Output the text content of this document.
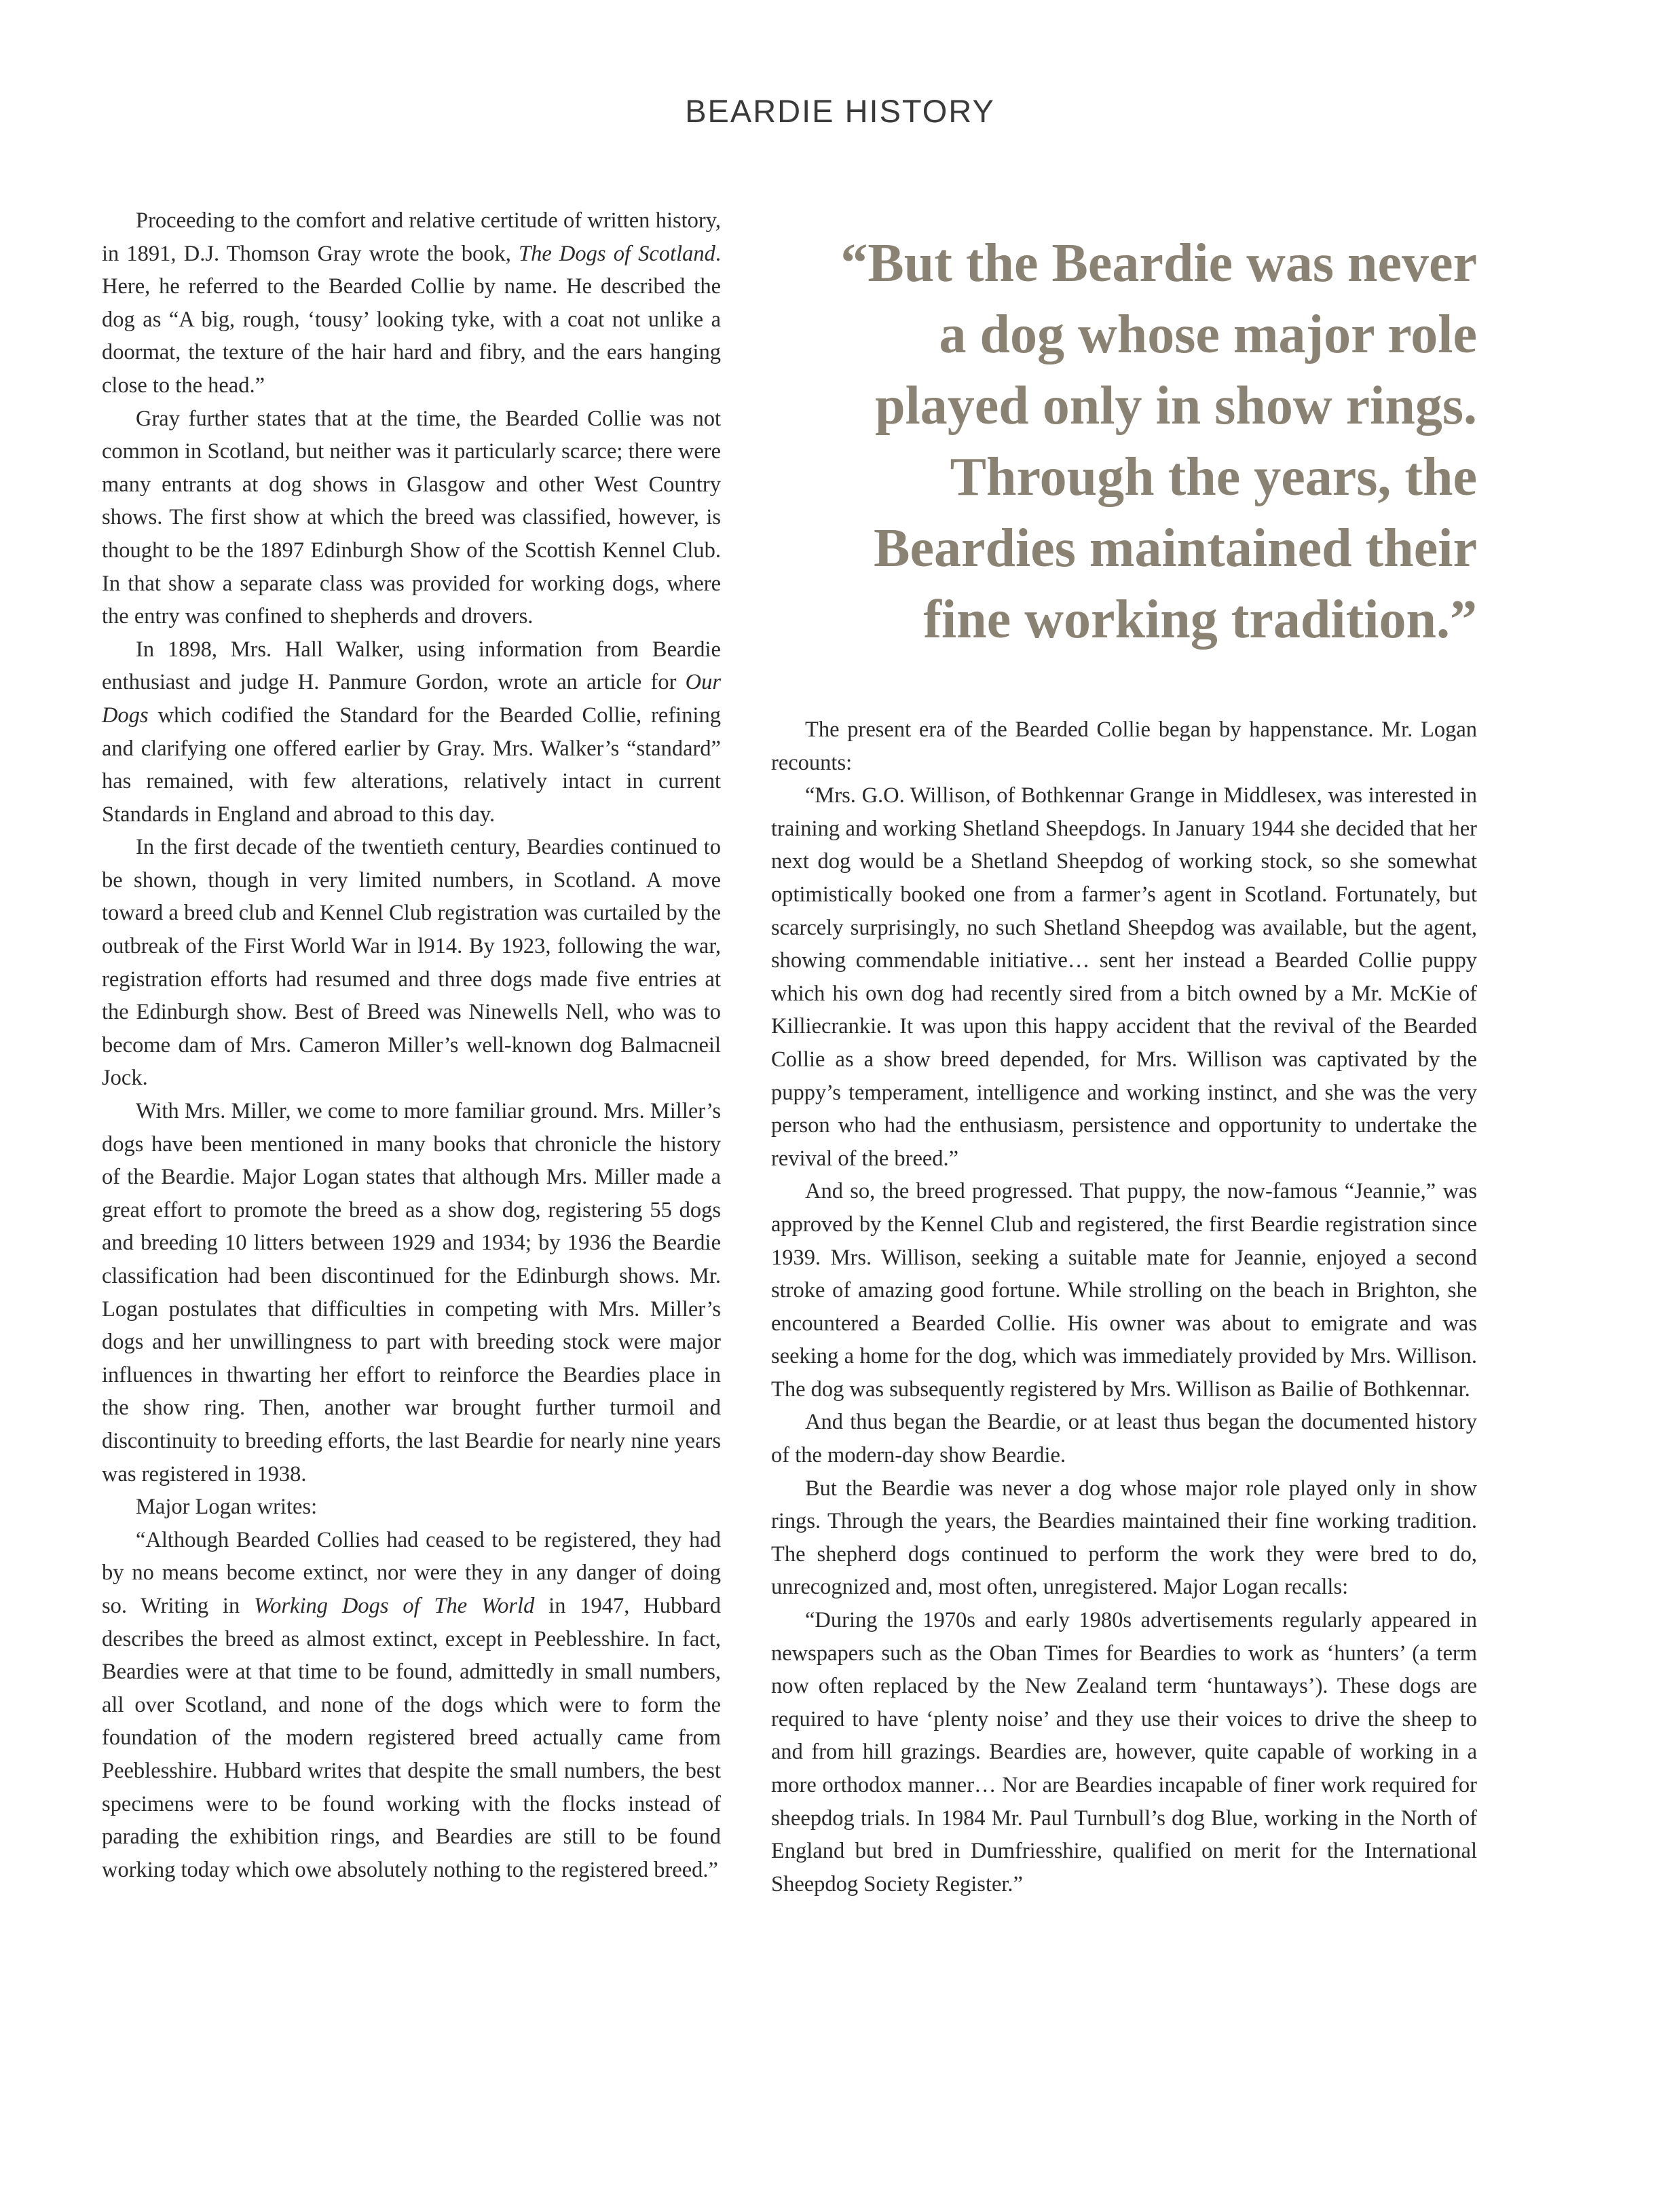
BEARDIE HISTORY

Proceeding to the comfort and relative certitude of written history, in 1891, D.J. Thomson Gray wrote the book, The Dogs of Scotland. Here, he referred to the Bearded Collie by name. He described the dog as “A big, rough, ‘tousy’ looking tyke, with a coat not unlike a doormat, the texture of the hair hard and fibry, and the ears hanging close to the head.”

Gray further states that at the time, the Bearded Collie was not common in Scotland, but neither was it particularly scarce; there were many entrants at dog shows in Glasgow and other West Country shows. The first show at which the breed was classified, however, is thought to be the 1897 Edinburgh Show of the Scottish Kennel Club. In that show a separate class was provided for working dogs, where the entry was confined to shepherds and drovers.

In 1898, Mrs. Hall Walker, using information from Beardie enthusiast and judge H. Panmure Gordon, wrote an article for Our Dogs which codified the Standard for the Bearded Collie, refining and clarifying one offered earlier by Gray. Mrs. Walker’s “standard” has remained, with few alterations, relatively intact in current Standards in England and abroad to this day.

In the first decade of the twentieth century, Beardies continued to be shown, though in very limited numbers, in Scotland. A move toward a breed club and Kennel Club registration was curtailed by the outbreak of the First World War in l914. By 1923, following the war, registration efforts had resumed and three dogs made five entries at the Edinburgh show. Best of Breed was Ninewells Nell, who was to become dam of Mrs. Cameron Miller’s well-known dog Balmacneil Jock.

With Mrs. Miller, we come to more familiar ground. Mrs. Miller’s dogs have been mentioned in many books that chronicle the history of the Beardie. Major Logan states that although Mrs. Miller made a great effort to promote the breed as a show dog, registering 55 dogs and breeding 10 litters between 1929 and 1934; by 1936 the Beardie classification had been discontinued for the Edinburgh shows. Mr. Logan postulates that difficulties in competing with Mrs. Miller’s dogs and her unwillingness to part with breeding stock were major influences in thwarting her effort to reinforce the Beardies place in the show ring. Then, another war brought further turmoil and discontinuity to breeding efforts, the last Beardie for nearly nine years was registered in 1938.

Major Logan writes:

“Although Bearded Collies had ceased to be registered, they had by no means become extinct, nor were they in any danger of doing so. Writing in Working Dogs of The World in 1947, Hubbard describes the breed as almost extinct, except in Peeblesshire. In fact, Beardies were at that time to be found, admittedly in small numbers, all over Scotland, and none of the dogs which were to form the foundation of the modern registered breed actually came from Peeblesshire. Hubbard writes that despite the small numbers, the best specimens were to be found working with the flocks instead of parading the exhibition rings, and Beardies are still to be found working today which owe absolutely nothing to the registered breed.”

“But the Beardie was never
a dog whose major role
played only in show rings.
Through the years, the
Beardies maintained their
fine working tradition.”

The present era of the Bearded Collie began by happenstance. Mr. Logan recounts:

“Mrs. G.O. Willison, of Bothkennar Grange in Middlesex, was interested in training and working Shetland Sheepdogs. In January 1944 she decided that her next dog would be a Shetland Sheepdog of working stock, so she somewhat optimistically booked one from a farmer’s agent in Scotland. Fortunately, but scarcely surprisingly, no such Shetland Sheepdog was available, but the agent, showing commendable initiative… sent her instead a Bearded Collie puppy which his own dog had recently sired from a bitch owned by a Mr. McKie of Killiecrankie. It was upon this happy accident that the revival of the Bearded Collie as a show breed depended, for Mrs. Willison was captivated by the puppy’s temperament, intelligence and working instinct, and she was the very person who had the enthusiasm, persistence and opportunity to undertake the revival of the breed.”

And so, the breed progressed. That puppy, the now-famous “Jeannie,” was approved by the Kennel Club and registered, the first Beardie registration since 1939. Mrs. Willison, seeking a suitable mate for Jeannie, enjoyed a second stroke of amazing good fortune. While strolling on the beach in Brighton, she encountered a Bearded Collie. His owner was about to emigrate and was seeking a home for the dog, which was immediately provided by Mrs. Willison. The dog was subsequently registered by Mrs. Willison as Bailie of Bothkennar.

And thus began the Beardie, or at least thus began the documented history of the modern-day show Beardie.

But the Beardie was never a dog whose major role played only in show rings. Through the years, the Beardies maintained their fine working tradition. The shepherd dogs continued to perform the work they were bred to do, unrecognized and, most often, unregistered. Major Logan recalls:

“During the 1970s and early 1980s advertisements regularly appeared in newspapers such as the Oban Times for Beardies to work as ‘hunters’ (a term now often replaced by the New Zealand term ‘huntaways’). These dogs are required to have ‘plenty noise’ and they use their voices to drive the sheep to and from hill grazings. Beardies are, however, quite capable of working in a more orthodox manner… Nor are Beardies incapable of finer work required for sheepdog trials. In 1984 Mr. Paul Turnbull’s dog Blue, working in the North of England but bred in Dumfriesshire, qualified on merit for the International Sheepdog Society Register.”
